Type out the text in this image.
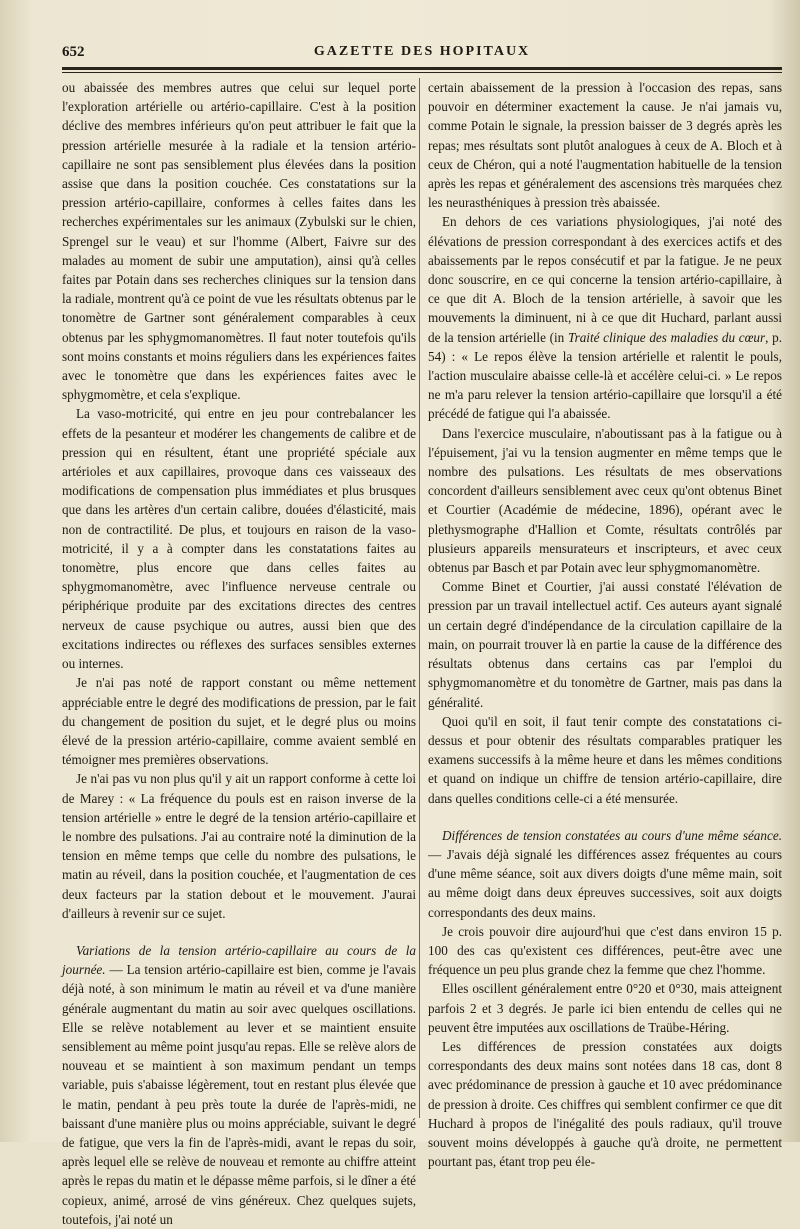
652	GAZETTE DES HOPITAUX

ou abaissée des membres autres que celui sur lequel porte l'exploration artérielle ou artério-capillaire. C'est à la position déclive des membres inférieurs qu'on peut attribuer le fait que la pression artérielle mesurée à la radiale et la tension artério-capillaire ne sont pas sensiblement plus élevées dans la position assise que dans la position couchée. Ces constatations sur la pression artério-capillaire, conformes à celles faites dans les recherches expérimentales sur les animaux (Zybulski sur le chien, Sprengel sur le veau) et sur l'homme (Albert, Faivre sur des malades au moment de subir une amputation), ainsi qu'à celles faites par Potain dans ses recherches cliniques sur la tension dans la radiale, montrent qu'à ce point de vue les résultats obtenus par le tonomètre de Gartner sont généralement comparables à ceux obtenus par les sphygmomanomètres. Il faut noter toutefois qu'ils sont moins constants et moins réguliers dans les expériences faites avec le tonomètre que dans les expériences faites avec le sphygmomètre, et cela s'explique.

La vaso-motricité, qui entre en jeu pour contrebalancer les effets de la pesanteur et modérer les changements de calibre et de pression qui en résultent, étant une propriété spéciale aux artérioles et aux capillaires, provoque dans ces vaisseaux des modifications de compensation plus immédiates et plus brusques que dans les artères d'un certain calibre, douées d'élasticité, mais non de contractilité. De plus, et toujours en raison de la vaso-motricité, il y a à compter dans les constatations faites au tonomètre, plus encore que dans celles faites au sphygmomanomètre, avec l'influence nerveuse centrale ou périphérique produite par des excitations directes des centres nerveux de cause psychique ou autres, aussi bien que des excitations indirectes ou réflexes des surfaces sensibles externes ou internes.

Je n'ai pas noté de rapport constant ou même nettement appréciable entre le degré des modifications de pression, par le fait du changement de position du sujet, et le degré plus ou moins élevé de la pression artério-capillaire, comme avaient semblé en témoigner mes premières observations.

Je n'ai pas vu non plus qu'il y ait un rapport conforme à cette loi de Marey : « La fréquence du pouls est en raison inverse de la tension artérielle » entre le degré de la tension artério-capillaire et le nombre des pulsations. J'ai au contraire noté la diminution de la tension en même temps que celle du nombre des pulsations, le matin au réveil, dans la position couchée, et l'augmentation de ces deux facteurs par la station debout et le mouvement. J'aurai d'ailleurs à revenir sur ce sujet.

Variations de la tension artério-capillaire au cours de la journée. — La tension artério-capillaire est bien, comme je l'avais déjà noté, à son minimum le matin au réveil et va d'une manière générale augmentant du matin au soir avec quelques oscillations. Elle se relève notablement au lever et se maintient ensuite sensiblement au même point jusqu'au repas. Elle se relève alors de nouveau et se maintient à son maximum pendant un temps variable, puis s'abaisse légèrement, tout en restant plus élevée que le matin, pendant à peu près toute la durée de l'après-midi, ne baissant d'une manière plus ou moins appréciable, suivant le degré de fatigue, que vers la fin de l'après-midi, avant le repas du soir, après lequel elle se relève de nouveau et remonte au chiffre atteint après le repas du matin et le dépasse même parfois, si le dîner a été copieux, animé, arrosé de vins généreux. Chez quelques sujets, toutefois, j'ai noté un

certain abaissement de la pression à l'occasion des repas, sans pouvoir en déterminer exactement la cause. Je n'ai jamais vu, comme Potain le signale, la pression baisser de 3 degrés après les repas; mes résultats sont plutôt analogues à ceux de A. Bloch et à ceux de Chéron, qui a noté l'augmentation habituelle de la tension après les repas et généralement des ascensions très marquées chez les neurasthéniques à pression très abaissée.

En dehors de ces variations physiologiques, j'ai noté des élévations de pression correspondant à des exercices actifs et des abaissements par le repos consécutif et par la fatigue. Je ne peux donc souscrire, en ce qui concerne la tension artério-capillaire, à ce que dit A. Bloch de la tension artérielle, à savoir que les mouvements la diminuent, ni à ce que dit Huchard, parlant aussi de la tension artérielle (in Traité clinique des maladies du cœur, p. 54) : « Le repos élève la tension artérielle et ralentit le pouls, l'action musculaire abaisse celle-là et accélère celui-ci. » Le repos ne m'a paru relever la tension artério-capillaire que lorsqu'il a été précédé de fatigue qui l'a abaissée.

Dans l'exercice musculaire, n'aboutissant pas à la fatigue ou à l'épuisement, j'ai vu la tension augmenter en même temps que le nombre des pulsations. Les résultats de mes observations concordent d'ailleurs sensiblement avec ceux qu'ont obtenus Binet et Courtier (Académie de médecine, 1896), opérant avec le plethysmographe d'Hallion et Comte, résultats contrôlés par plusieurs appareils mensurateurs et inscripteurs, et avec ceux obtenus par Basch et par Potain avec leur sphygmomanomètre.

Comme Binet et Courtier, j'ai aussi constaté l'élévation de pression par un travail intellectuel actif. Ces auteurs ayant signalé un certain degré d'indépendance de la circulation capillaire de la main, on pourrait trouver là en partie la cause de la différence des résultats obtenus dans certains cas par l'emploi du sphygmomanomètre et du tonomètre de Gartner, mais pas dans la généralité.

Quoi qu'il en soit, il faut tenir compte des constatations ci-dessus et pour obtenir des résultats comparables pratiquer les examens successifs à la même heure et dans les mêmes conditions et quand on indique un chiffre de tension artério-capillaire, dire dans quelles conditions celle-ci a été mensurée.

Différences de tension constatées au cours d'une même séance. — J'avais déjà signalé les différences assez fréquentes au cours d'une même séance, soit aux divers doigts d'une même main, soit au même doigt dans deux épreuves successives, soit aux doigts correspondants des deux mains.

Je crois pouvoir dire aujourd'hui que c'est dans environ 15 p. 100 des cas qu'existent ces différences, peut-être avec une fréquence un peu plus grande chez la femme que chez l'homme.

Elles oscillent généralement entre 0°20 et 0°30, mais atteignent parfois 2 et 3 degrés. Je parle ici bien entendu de celles qui ne peuvent être imputées aux oscillations de Traübe-Héring.

Les différences de pression constatées aux doigts correspondants des deux mains sont notées dans 18 cas, dont 8 avec prédominance de pression à gauche et 10 avec prédominance de pression à droite. Ces chiffres qui semblent confirmer ce que dit Huchard à propos de l'inégalité des pouls radiaux, qu'il trouve souvent moins développés à gauche qu'à droite, ne permettent pourtant pas, étant trop peu éle-
